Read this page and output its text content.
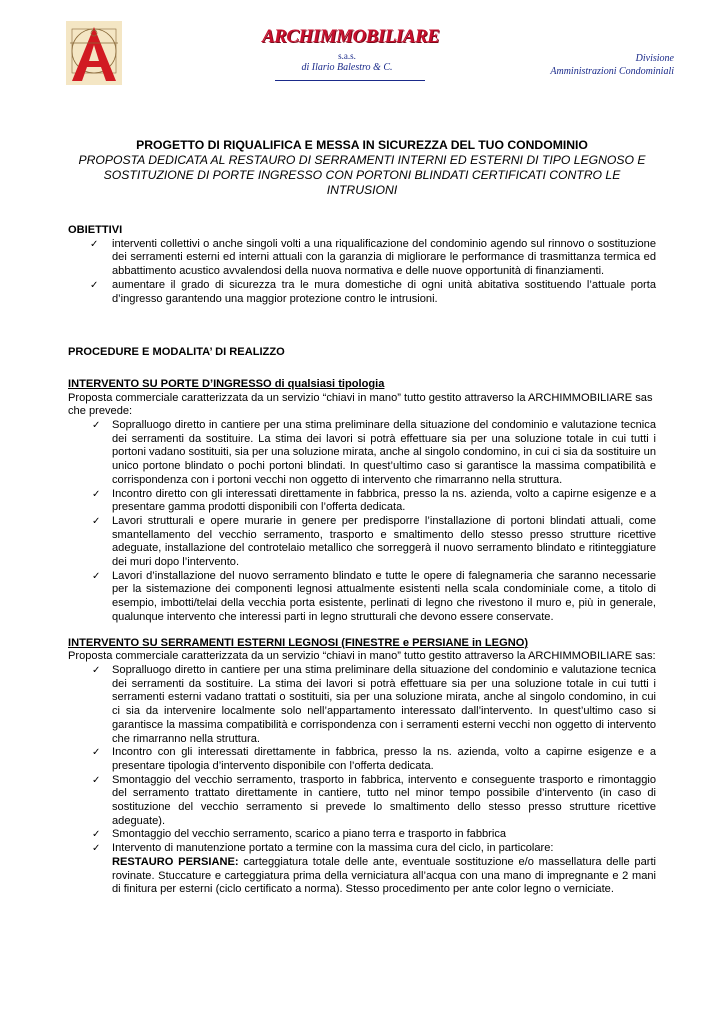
ARCHIMMOBILIARE
s.a.s.
di Ilario Balestro & C.
Divisione
Amministrazioni Condominiali

PROGETTO DI RIQUALIFICA E MESSA IN SICUREZZA DEL TUO CONDOMINIO

PROPOSTA DEDICATA AL RESTAURO DI SERRAMENTI INTERNI ED ESTERNI DI TIPO LEGNOSO E SOSTITUZIONE DI PORTE INGRESSO CON PORTONI BLINDATI CERTIFICATI CONTRO LE INTRUSIONI

OBIETTIVI

✓ interventi collettivi o anche singoli volti a una riqualificazione del condominio agendo sul rinnovo o sostituzione dei serramenti esterni ed interni attuali con la garanzia di migliorare le performance di trasmittanza termica ed abbattimento acustico avvalendosi della nuova normativa e delle nuove opportunità di finanziamenti.
✓ aumentare il grado di sicurezza tra le mura domestiche di ogni unità abitativa sostituendo l’attuale porta d’ingresso garantendo una maggior protezione contro le intrusioni.

PROCEDURE E MODALITA’ DI REALIZZO

INTERVENTO SU PORTE D’INGRESSO di qualsiasi tipologia

Proposta commerciale caratterizzata da un servizio “chiavi in mano” tutto gestito attraverso la ARCHIMMOBILIARE sas che prevede:

✓ Sopralluogo diretto in cantiere per una stima preliminare della situazione del condominio e valutazione tecnica dei serramenti da sostituire. La stima dei lavori si potrà effettuare sia per una soluzione totale in cui tutti i portoni vadano sostituiti, sia per una soluzione mirata, anche al singolo condomino, in cui ci sia da sostituire un unico portone blindato o pochi portoni blindati. In quest’ultimo caso si garantisce la massima compatibilità e corrispondenza con i portoni vecchi non oggetto di intervento che rimarranno nella struttura.
✓ Incontro diretto con gli interessati direttamente in fabbrica, presso la ns. azienda, volto a capirne esigenze e a presentare gamma prodotti disponibili con l’offerta dedicata.
✓ Lavori strutturali e opere murarie in genere per predisporre l’installazione di portoni blindati attuali, come smantellamento del vecchio serramento, trasporto e smaltimento dello stesso presso strutture ricettive adeguate, installazione del controtelaio metallico che sorreggerà il nuovo serramento blindato e ritinteggiature dei muri dopo l’intervento.
✓ Lavori d’installazione del nuovo serramento blindato e tutte le opere di falegnameria che saranno necessarie per la sistemazione dei componenti legnosi attualmente esistenti nella scala condominiale come, a titolo di esempio, imbotti/telai della vecchia porta esistente, perlinati di legno che rivestono il muro e, più in generale, qualunque intervento che interessi parti in legno strutturali che devono essere conservate.

INTERVENTO SU SERRAMENTI ESTERNI LEGNOSI (FINESTRE e PERSIANE in LEGNO)

Proposta commerciale caratterizzata da un servizio “chiavi in mano” tutto gestito attraverso la ARCHIMMOBILIARE sas:

✓ Sopralluogo diretto in cantiere per una stima preliminare della situazione del condominio e valutazione tecnica dei serramenti da sostituire. La stima dei lavori si potrà effettuare sia per una soluzione totale in cui tutti i serramenti esterni vadano trattati o sostituiti, sia per una soluzione mirata, anche al singolo condomino, in cui ci sia da intervenire localmente solo nell’appartamento interessato dall’intervento. In quest’ultimo caso si garantisce la massima compatibilità e corrispondenza con i serramenti esterni vecchi non oggetto di intervento che rimarranno nella struttura.
✓ Incontro con gli interessati direttamente in fabbrica, presso la ns. azienda, volto a capirne esigenze e a presentare tipologia d’intervento disponibile con l’offerta dedicata.
✓ Smontaggio del vecchio serramento, trasporto in fabbrica, intervento e conseguente trasporto e rimontaggio del serramento trattato direttamente in cantiere, tutto nel minor tempo possibile d’intervento (in caso di sostituzione del vecchio serramento si prevede lo smaltimento dello stesso presso strutture ricettive adeguate).
✓ Smontaggio del vecchio serramento, scarico a piano terra e trasporto in fabbrica
✓ Intervento di manutenzione portato a termine con la massima cura del ciclo, in particolare:
RESTAURO PERSIANE: carteggiatura totale delle ante, eventuale sostituzione e/o massellatura delle parti rovinate. Stuccature e carteggiatura prima della verniciatura all’acqua con una mano di impregnante e 2 mani di finitura per esterni (ciclo certificato a norma). Stesso procedimento per ante color legno o verniciate.
